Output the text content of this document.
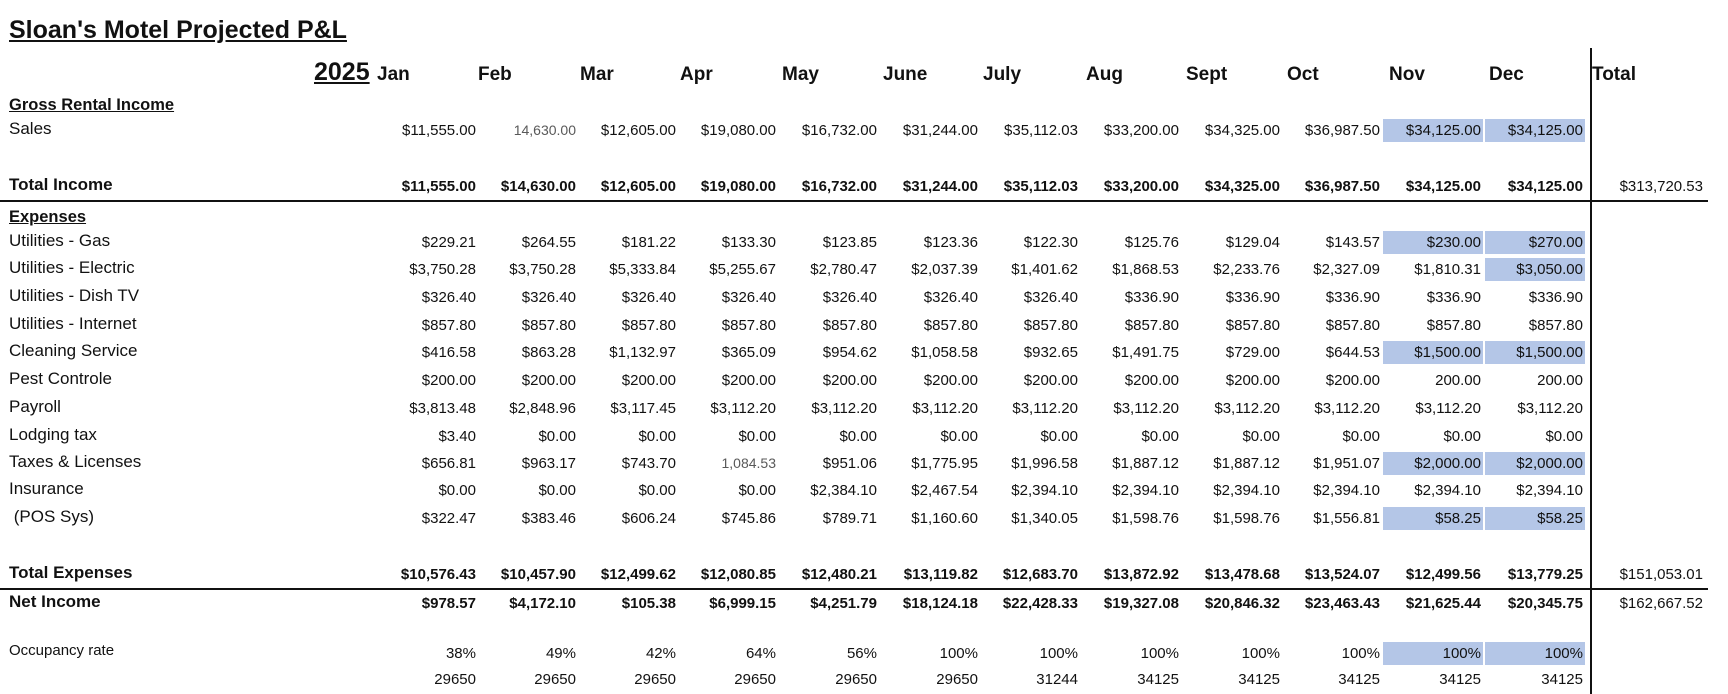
Sloan's Motel Projected P&L
2025 Jan	Feb	Mar	Apr	May	June	July	Aug	Sept	Oct	Nov	Dec	Total
Gross Rental Income
Expenses
Sales	$11,555.00	14,630.00	$12,605.00	$19,080.00	$16,732.00	$31,244.00	$35,112.03	$33,200.00	$34,325.00	$36,987.50	$34,125.00	$34,125.00
Total Income	$11,555.00	$14,630.00	$12,605.00	$19,080.00	$16,732.00	$31,244.00	$35,112.03	$33,200.00	$34,325.00	$36,987.50	$34,125.00	$34,125.00	$313,720.53
Utilities - Gas	$229.21	$264.55	$181.22	$133.30	$123.85	$123.36	$122.30	$125.76	$129.04	$143.57	$230.00	$270.00
Utilities - Electric	$3,750.28	$3,750.28	$5,333.84	$5,255.67	$2,780.47	$2,037.39	$1,401.62	$1,868.53	$2,233.76	$2,327.09	$1,810.31	$3,050.00
Utilities - Dish TV	$326.40	$326.40	$326.40	$326.40	$326.40	$326.40	$326.40	$336.90	$336.90	$336.90	$336.90	$336.90
Utilities - Internet	$857.80	$857.80	$857.80	$857.80	$857.80	$857.80	$857.80	$857.80	$857.80	$857.80	$857.80	$857.80
Cleaning Service	$416.58	$863.28	$1,132.97	$365.09	$954.62	$1,058.58	$932.65	$1,491.75	$729.00	$644.53	$1,500.00	$1,500.00
Pest Controle	$200.00	$200.00	$200.00	$200.00	$200.00	$200.00	$200.00	$200.00	$200.00	$200.00	200.00	200.00
Payroll	$3,813.48	$2,848.96	$3,117.45	$3,112.20	$3,112.20	$3,112.20	$3,112.20	$3,112.20	$3,112.20	$3,112.20	$3,112.20	$3,112.20
Lodging tax	$3.40	$0.00	$0.00	$0.00	$0.00	$0.00	$0.00	$0.00	$0.00	$0.00	$0.00	$0.00
Taxes & Licenses	$656.81	$963.17	$743.70	1,084.53	$951.06	$1,775.95	$1,996.58	$1,887.12	$1,887.12	$1,951.07	$2,000.00	$2,000.00
Insurance	$0.00	$0.00	$0.00	$0.00	$2,384.10	$2,467.54	$2,394.10	$2,394.10	$2,394.10	$2,394.10	$2,394.10	$2,394.10
(POS Sys)	$322.47	$383.46	$606.24	$745.86	$789.71	$1,160.60	$1,340.05	$1,598.76	$1,598.76	$1,556.81	$58.25	$58.25
Total Expenses	$10,576.43	$10,457.90	$12,499.62	$12,080.85	$12,480.21	$13,119.82	$12,683.70	$13,872.92	$13,478.68	$13,524.07	$12,499.56	$13,779.25	$151,053.01
Net Income	$978.57	$4,172.10	$105.38	$6,999.15	$4,251.79	$18,124.18	$22,428.33	$19,327.08	$20,846.32	$23,463.43	$21,625.44	$20,345.75	$162,667.52
Occupancy rate	38%	49%	42%	64%	56%	100%	100%	100%	100%	100%	100%	100%
29650	29650	29650	29650	29650	29650	31244	34125	34125	34125	34125	34125
